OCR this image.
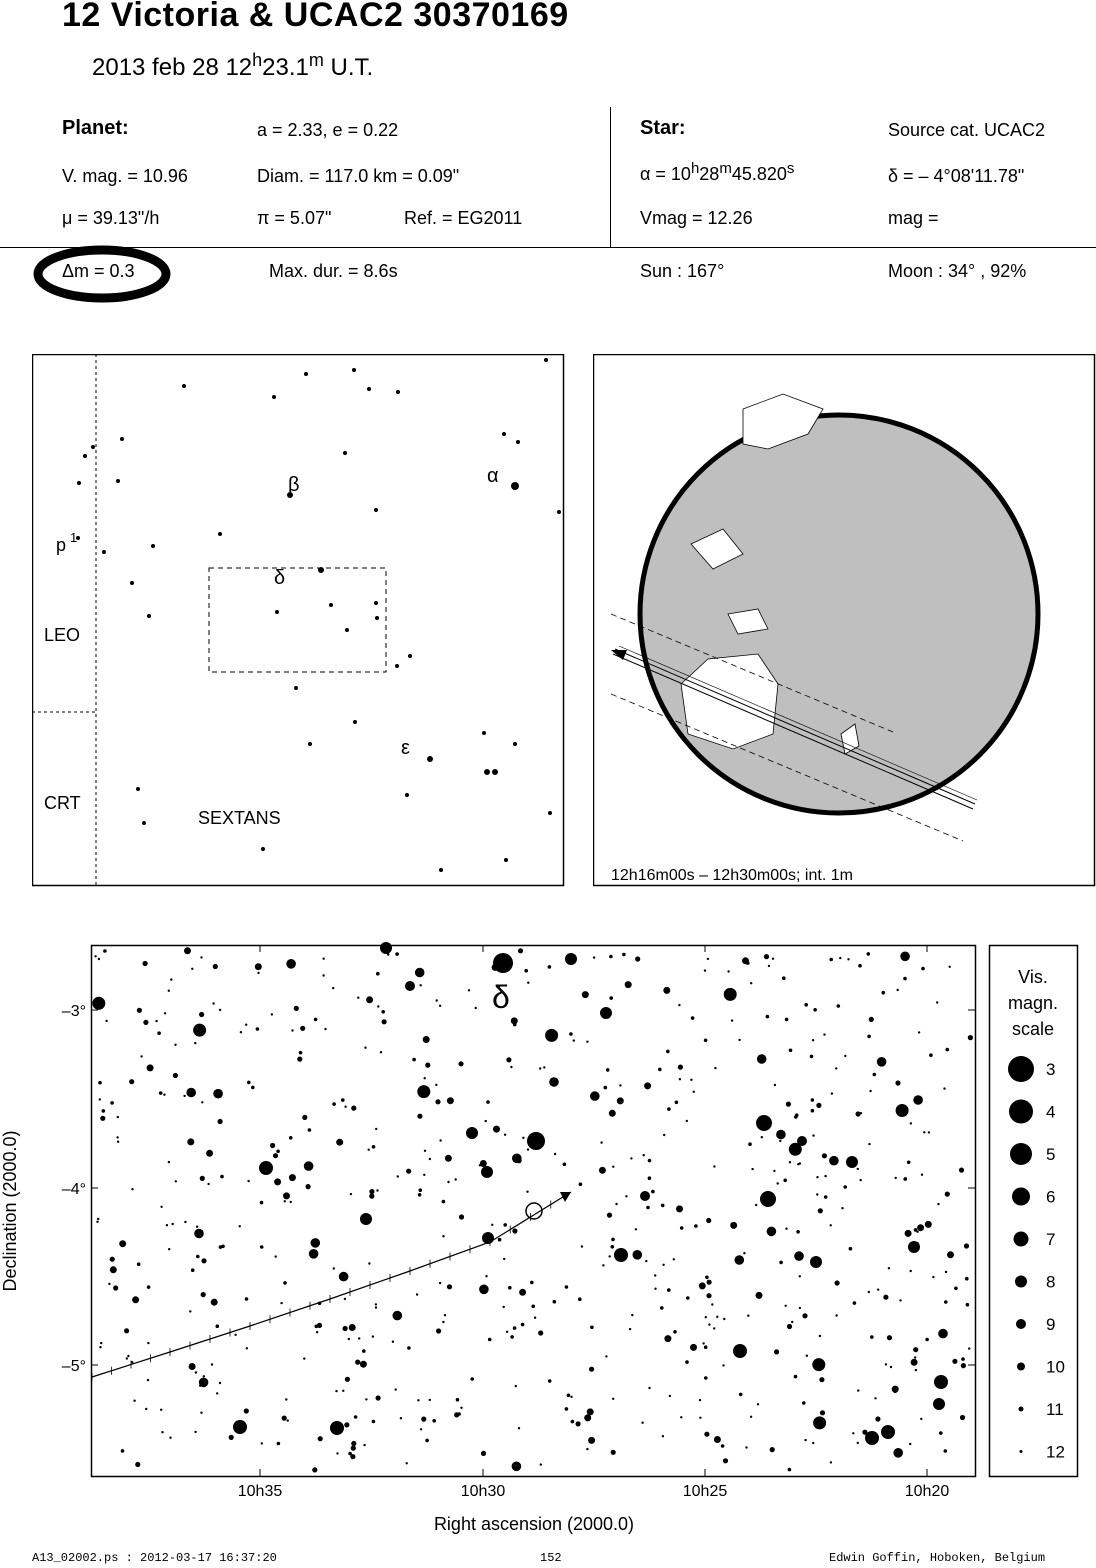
12 Victoria & UCAC2 30370169
2013 feb 28 12$^h$23.1$^m$ U.T.
Planet:	a = 2.33, e = 0.22
V. mag. = 10.96	Diam. = 117.0 km = 0.09"
μ = 39.13"/h	π = 5.07"	Ref. = EG2011
Star:	Source cat. UCAC2
$\alpha = 10^h28^m45.820^s$	δ = – 4°08'11.78"
Vmag = 12.26	mag =
Δm = 0.3	Max. dur. = 8.6s	Sun : 167°	Moon : 34° , 92%
β	α
δ
ε
p 1
LEO
CRT
SEXTANS
12h16m00s – 12h30m00s; int. 1m
δ
10h35	10h30	10h25	10h20
–3°
–4°
–5°
Right ascension (2000.0)
Declination (2000.0)
Vis.
magn.
scale
3
4
5
6
7
8
9
10
11
12
A13_02002.ps : 2012-03-17 16:37:20	152	Edwin Goffin, Hoboken, Belgium
